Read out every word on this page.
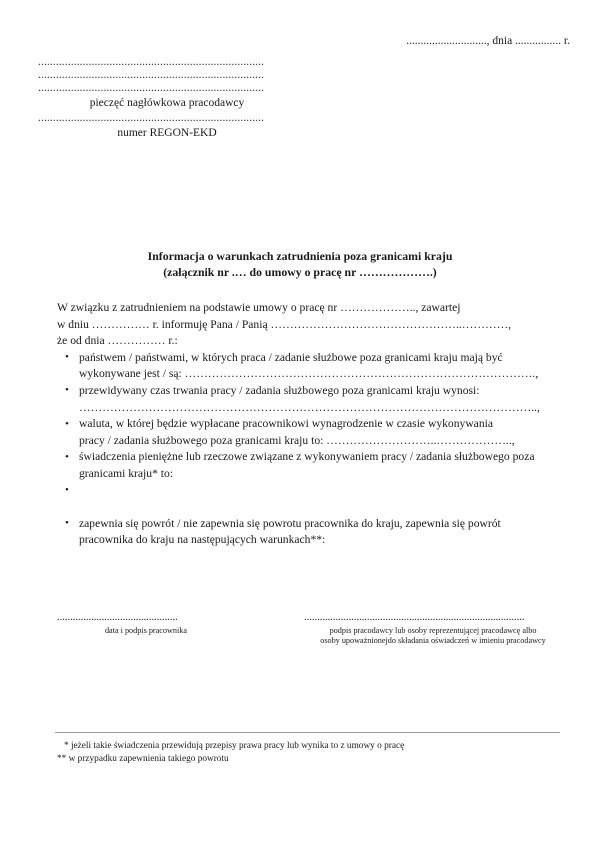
............................, dnia ................ r.
............................................................................
............................................................................
............................................................................
pieczęć nagłówkowa pracodawcy
............................................................................
numer REGON-EKD
Informacja o warunkach zatrudnienia poza granicami kraju
(załącznik nr .… do umowy o pracę nr ……………….)

W związku z zatrudnieniem na podstawie umowy o pracę nr ……………….., zawartej

w dniu …………… r. informuję Pana / Panią …………………………………………..…………,

że od dnia …………… r.:

• państwem / państwami, w których praca / zadanie służbowe poza granicami kraju mają być
wykonywane jest / są: ……………………………………………………………………………….,
• przewidywany czas trwania pracy / zadania służbowego poza granicami kraju wynosi:
………………………………………………………………………………………………………..,
• waluta, w której będzie wypłacane pracownikowi wynagrodzenie w czasie wykonywania
pracy / zadania służbowego poza granicami kraju to: ………………………..………………..,
• świadczenia pieniężne lub rzeczowe związane z wykonywaniem pracy / zadania służbowego poza granicami kraju* to:
•
• zapewnia się powrót / nie zapewnia się powrotu pracownika do kraju, zapewnia się powrót pracownika do kraju na następujących warunkach**:
..............................................
data i podpis pracownika
....................................................................................
podpis pracodawcy lub osoby reprezentującej pracodawcę albo
osoby upoważnionejdo składania oświadczeń w imieniu pracodawcy
* jeżeli takie świadczenia przewidują przepisy prawa pracy lub wynika to z umowy o pracę
** w przypadku zapewnienia takiego powrotu
